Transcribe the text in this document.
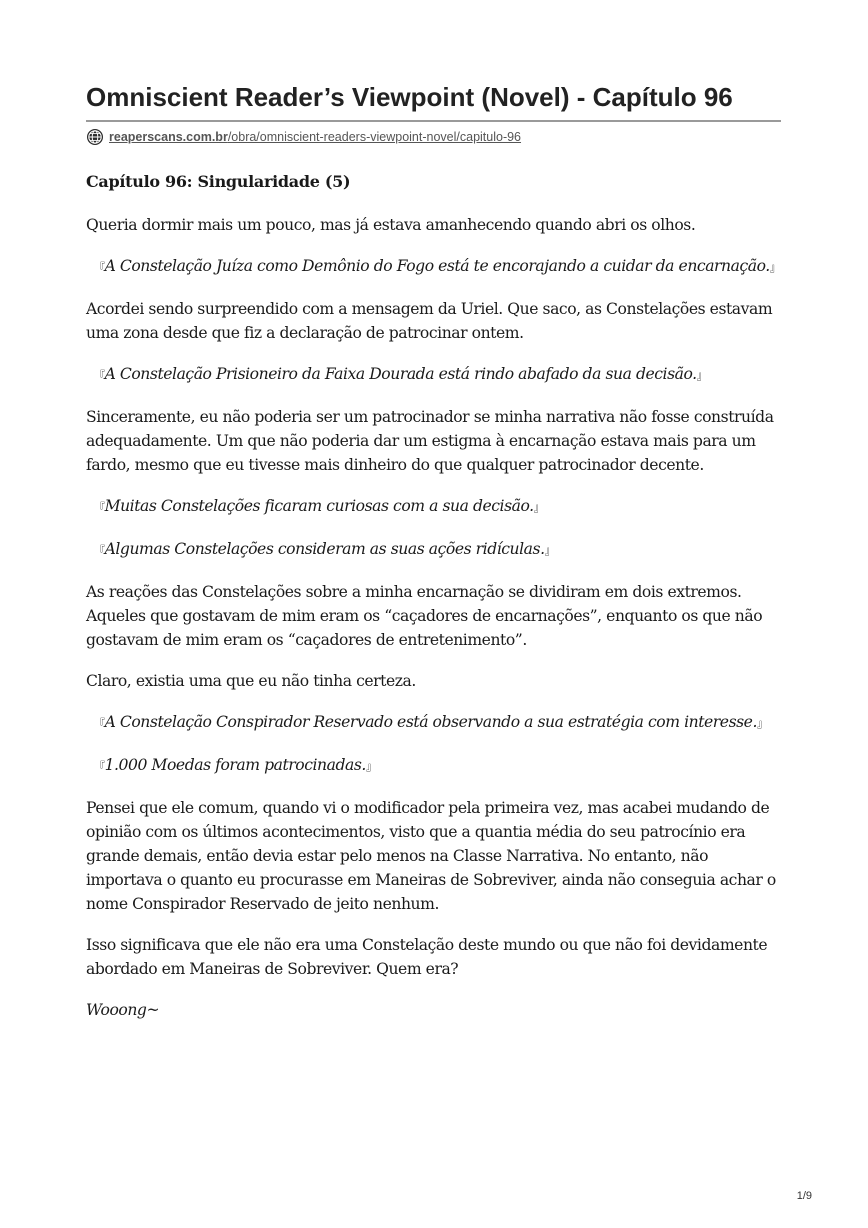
Omniscient Reader’s Viewpoint (Novel) - Capítulo 96
reaperscans.com.br/obra/omniscient-readers-viewpoint-novel/capitulo-96
Capítulo 96: Singularidade (5)

Queria dormir mais um pouco, mas já estava amanhecendo quando abri os olhos.

『A Constelação Juíza como Demônio do Fogo está te encorajando a cuidar da encarnação.』

Acordei sendo surpreendido com a mensagem da Uriel. Que saco, as Constelações estavam uma zona desde que fiz a declaração de patrocinar ontem.

『A Constelação Prisioneiro da Faixa Dourada está rindo abafado da sua decisão.』

Sinceramente, eu não poderia ser um patrocinador se minha narrativa não fosse construída adequadamente. Um que não poderia dar um estigma à encarnação estava mais para um fardo, mesmo que eu tivesse mais dinheiro do que qualquer patrocinador decente.

『Muitas Constelações ficaram curiosas com a sua decisão.』

『Algumas Constelações consideram as suas ações ridículas.』

As reações das Constelações sobre a minha encarnação se dividiram em dois extremos. Aqueles que gostavam de mim eram os “caçadores de encarnações”, enquanto os que não gostavam de mim eram os “caçadores de entretenimento”.

Claro, existia uma que eu não tinha certeza.

『A Constelação Conspirador Reservado está observando a sua estratégia com interesse.』

『1.000 Moedas foram patrocinadas.』

Pensei que ele comum, quando vi o modificador pela primeira vez, mas acabei mudando de opinião com os últimos acontecimentos, visto que a quantia média do seu patrocínio era grande demais, então devia estar pelo menos na Classe Narrativa. No entanto, não importava o quanto eu procurasse em Maneiras de Sobreviver, ainda não conseguia achar o nome Conspirador Reservado de jeito nenhum.

Isso significava que ele não era uma Constelação deste mundo ou que não foi devidamente abordado em Maneiras de Sobreviver. Quem era?

Wooong~

1/9
